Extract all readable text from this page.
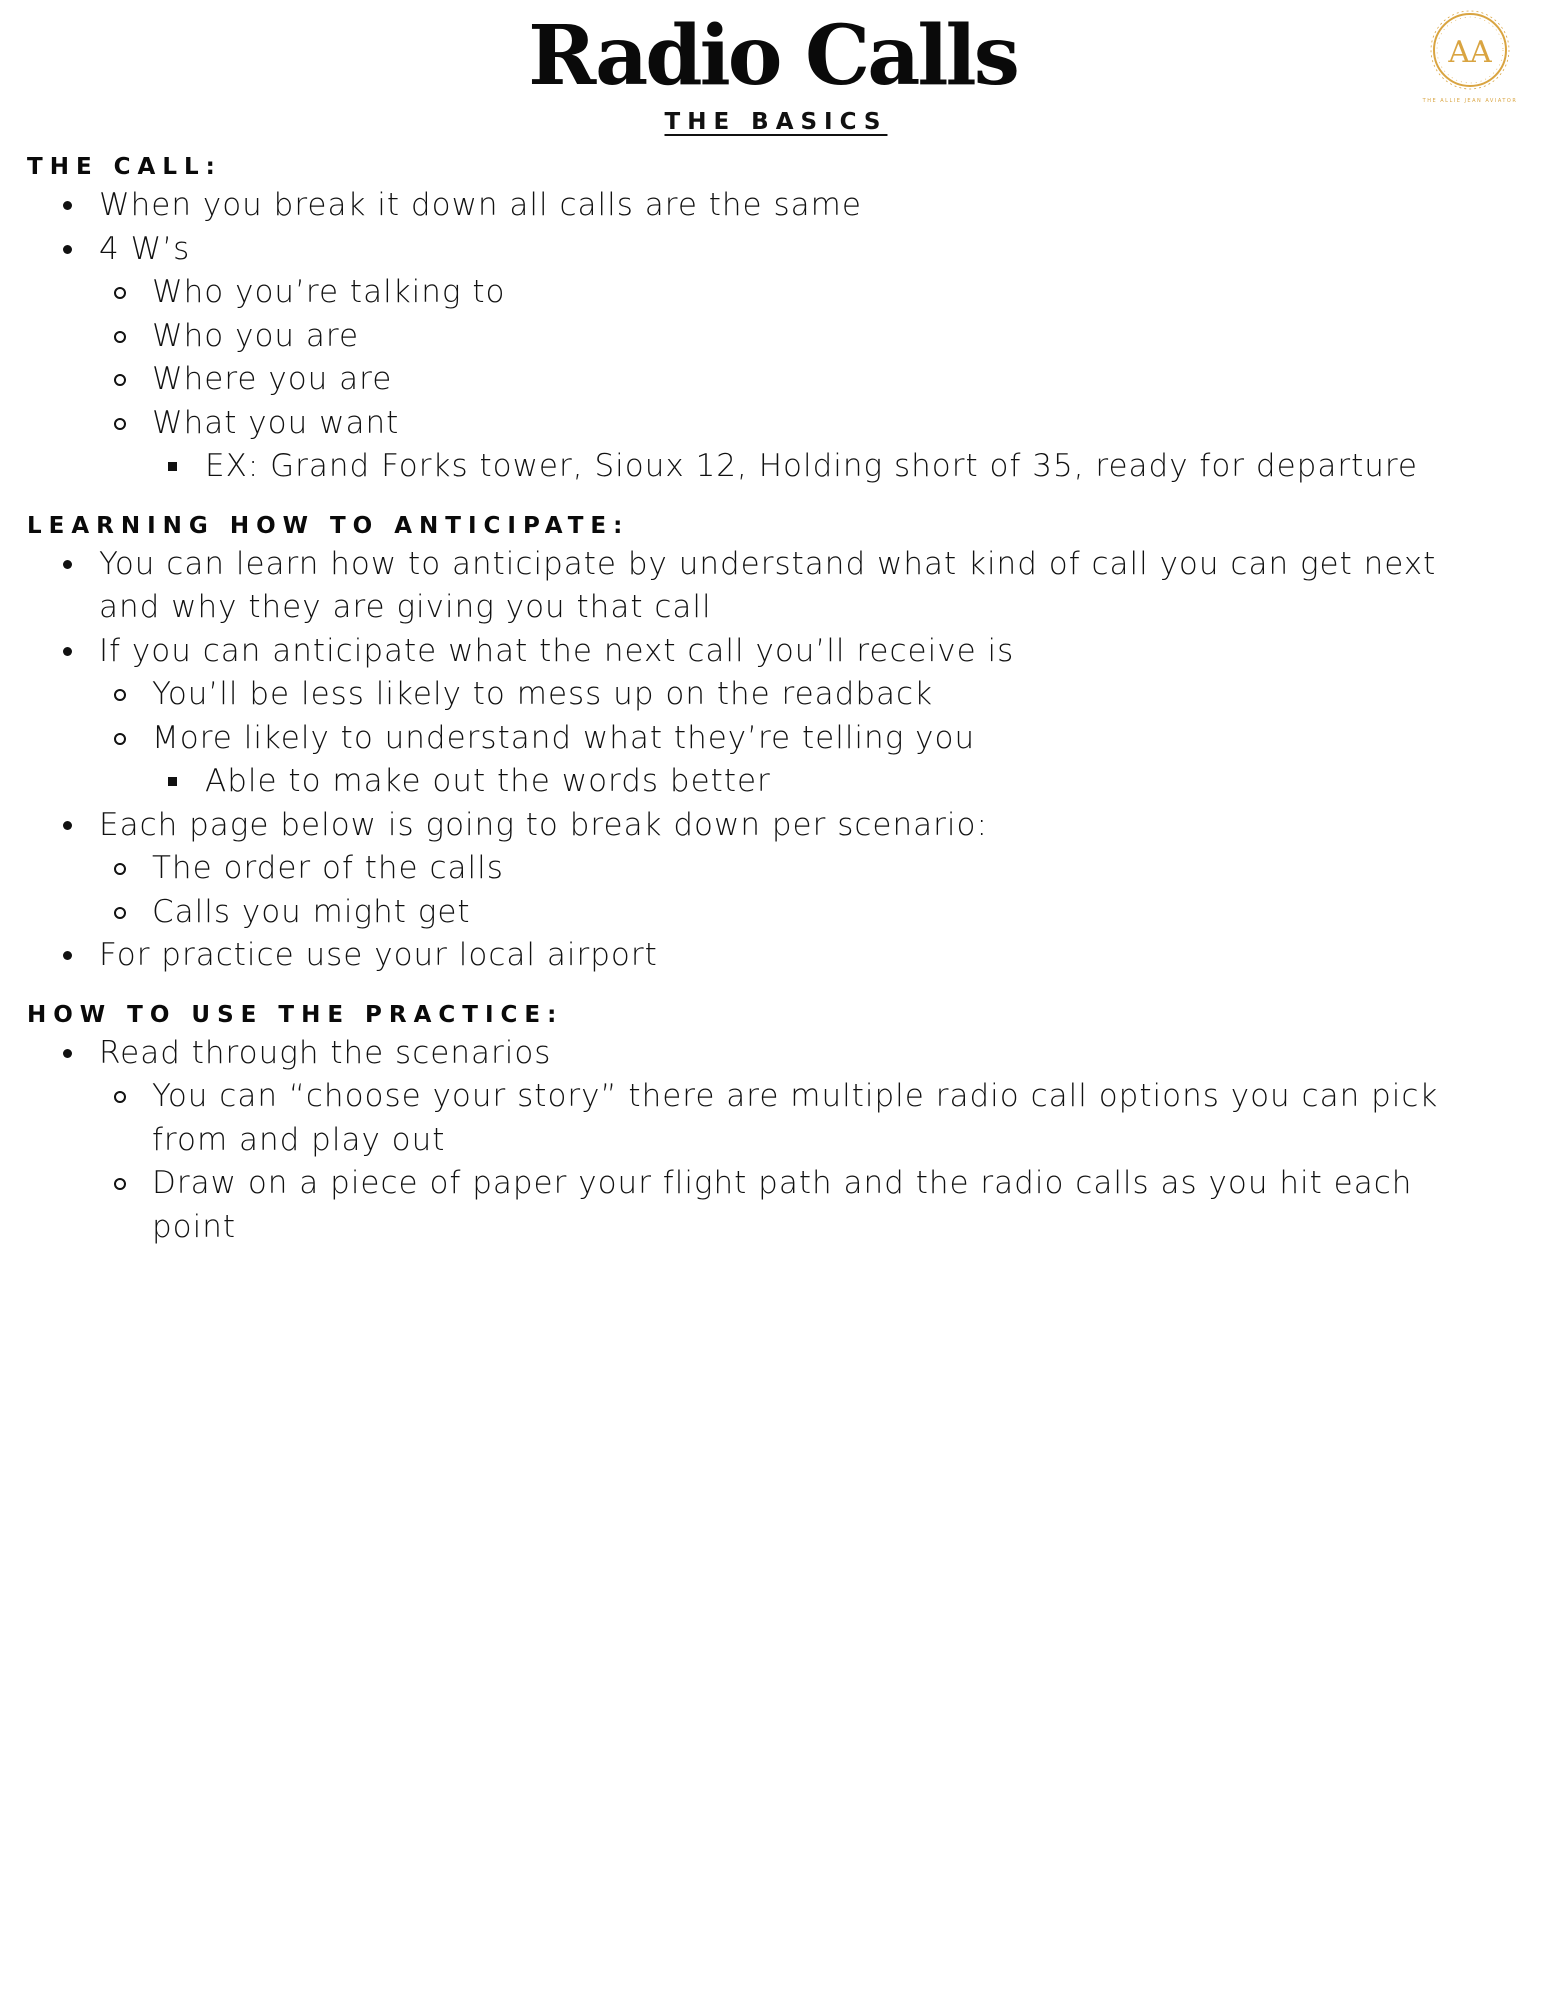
Radio Calls
THE BASICS
AA
THE ALLIE JEAN AVIATOR
THE CALL:
When you break it down all calls are the same
4 W’s
Who you’re talking to
Who you are
Where you are
What you want
EX: Grand Forks tower, Sioux 12, Holding short of 35, ready for departure
LEARNING HOW TO ANTICIPATE:
You can learn how to anticipate by understand what kind of call you can get next and why they are giving you that call
If you can anticipate what the next call you’ll receive is
You’ll be less likely to mess up on the readback
More likely to understand what they’re telling you
Able to make out the words better
Each page below is going to break down per scenario:
The order of the calls
Calls you might get
For practice use your local airport
HOW TO USE THE PRACTICE:
Read through the scenarios
You can “choose your story” there are multiple radio call options you can pick from and play out
Draw on a piece of paper your flight path and the radio calls as you hit each point
